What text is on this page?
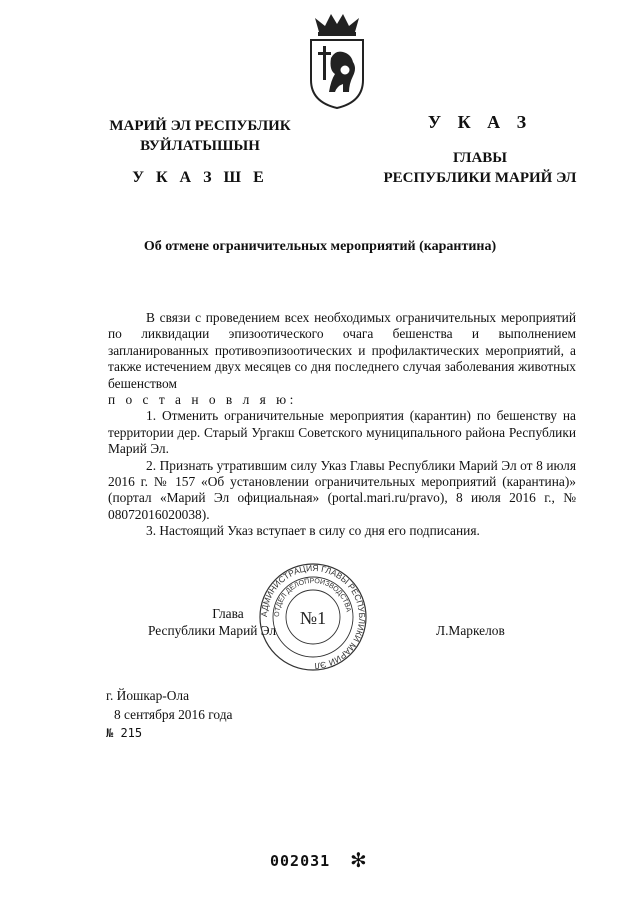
МАРИЙ ЭЛ РЕСПУБЛИК
ВУЙЛАТЫШЫН
У К А З Ш Е
У К А З
ГЛАВЫ
РЕСПУБЛИКИ МАРИЙ ЭЛ
Об отмене ограничительных мероприятий (карантина)

В связи с проведением всех необходимых ограничительных мероприятий по ликвидации эпизоотического очага бешенства и выполнением запланированных противоэпизоотических и профилактических мероприятий, а также истечением двух месяцев со дня последнего случая заболевания животных бешенством

п о с т а н о в л я ю:

1. Отменить ограничительные мероприятия (карантин) по бешенству на территории дер. Старый Ургакш Советского муниципального района Республики Марий Эл.

2. Признать утратившим силу Указ Главы Республики Марий Эл от 8 июля 2016 г. № 157 «Об установлении ограничительных мероприятий (карантина)» (портал «Марий Эл официальная» (portal.mari.ru/pravo), 8 июля 2016 г., № 08072016020038).

3. Настоящий Указ вступает в силу со дня его подписания.

АДМИНИСТРАЦИЯ ГЛАВЫ РЕСПУБЛИКИ МАРИЙ ЭЛ
ОТДЕЛ ДЕЛОПРОИЗВОДСТВА
№1
Глава
Республики Марий Эл	Л.Маркелов
г. Йошкар-Ола
8 сентября 2016 года
№ 215
002031 ✻
